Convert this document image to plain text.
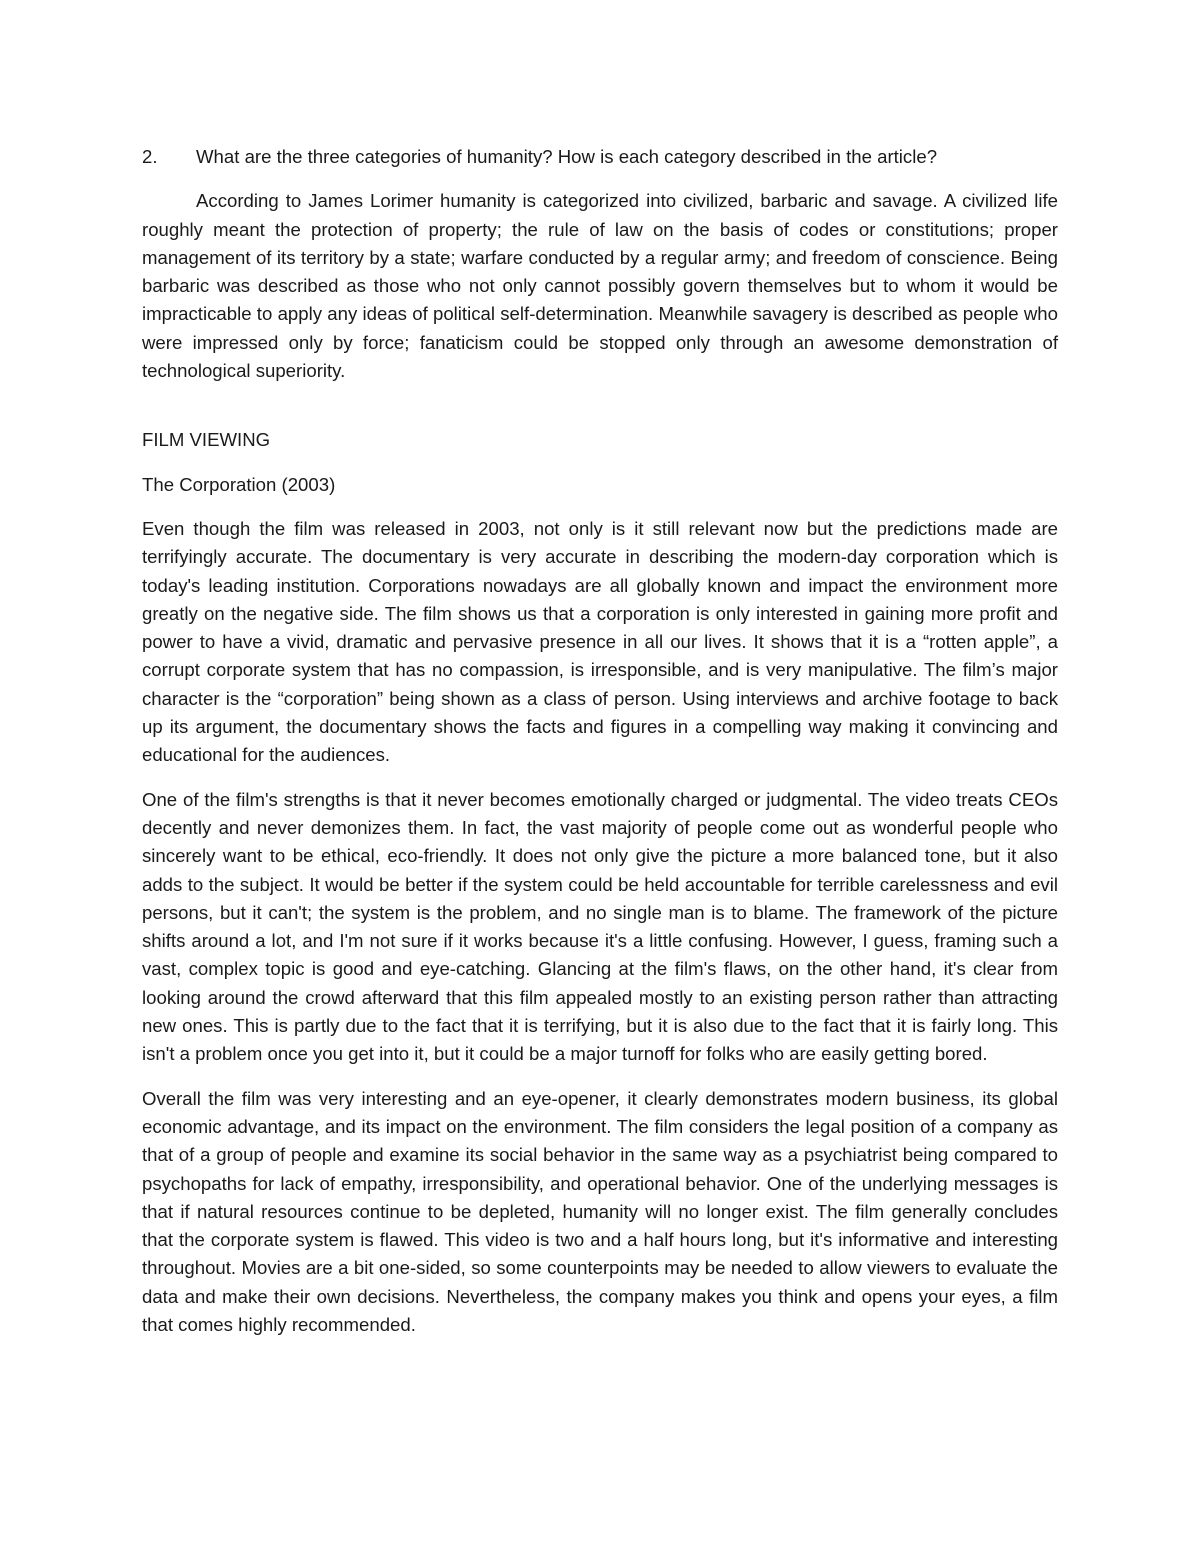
2.	What are the three categories of humanity? How is each category described in the article?

According to James Lorimer humanity is categorized into civilized, barbaric and savage. A civilized life roughly meant the protection of property; the rule of law on the basis of codes or constitutions; proper management of its territory by a state; warfare conducted by a regular army; and freedom of conscience. Being barbaric was described as those who not only cannot possibly govern themselves but to whom it would be impracticable to apply any ideas of political self-determination. Meanwhile savagery is described as people who were impressed only by force; fanaticism could be stopped only through an awesome demonstration of technological superiority.

FILM VIEWING

The Corporation (2003)

Even though the film was released in 2003, not only is it still relevant now but the predictions made are terrifyingly accurate. The documentary is very accurate in describing the modern-day corporation which is today's leading institution. Corporations nowadays are all globally known and impact the environment more greatly on the negative side. The film shows us that a corporation is only interested in gaining more profit and power to have a vivid, dramatic and pervasive presence in all our lives. It shows that it is a “rotten apple”, a corrupt corporate system that has no compassion, is irresponsible, and is very manipulative. The film’s major character is the “corporation” being shown as a class of person. Using interviews and archive footage to back up its argument, the documentary shows the facts and figures in a compelling way making it convincing and educational for the audiences.

One of the film's strengths is that it never becomes emotionally charged or judgmental. The video treats CEOs decently and never demonizes them. In fact, the vast majority of people come out as wonderful people who sincerely want to be ethical, eco-friendly. It does not only give the picture a more balanced tone, but it also adds to the subject. It would be better if the system could be held accountable for terrible carelessness and evil persons, but it can't; the system is the problem, and no single man is to blame. The framework of the picture shifts around a lot, and I'm not sure if it works because it's a little confusing. However, I guess, framing such a vast, complex topic is good and eye-catching. Glancing at the film's flaws, on the other hand, it's clear from looking around the crowd afterward that this film appealed mostly to an existing person rather than attracting new ones. This is partly due to the fact that it is terrifying, but it is also due to the fact that it is fairly long. This isn't a problem once you get into it, but it could be a major turnoff for folks who are easily getting bored.

Overall the film was very interesting and an eye-opener, it clearly demonstrates modern business, its global economic advantage, and its impact on the environment. The film considers the legal position of a company as that of a group of people and examine its social behavior in the same way as a psychiatrist being compared to psychopaths for lack of empathy, irresponsibility, and operational behavior. One of the underlying messages is that if natural resources continue to be depleted, humanity will no longer exist. The film generally concludes that the corporate system is flawed. This video is two and a half hours long, but it's informative and interesting throughout. Movies are a bit one-sided, so some counterpoints may be needed to allow viewers to evaluate the data and make their own decisions. Nevertheless, the company makes you think and opens your eyes, a film that comes highly recommended.
